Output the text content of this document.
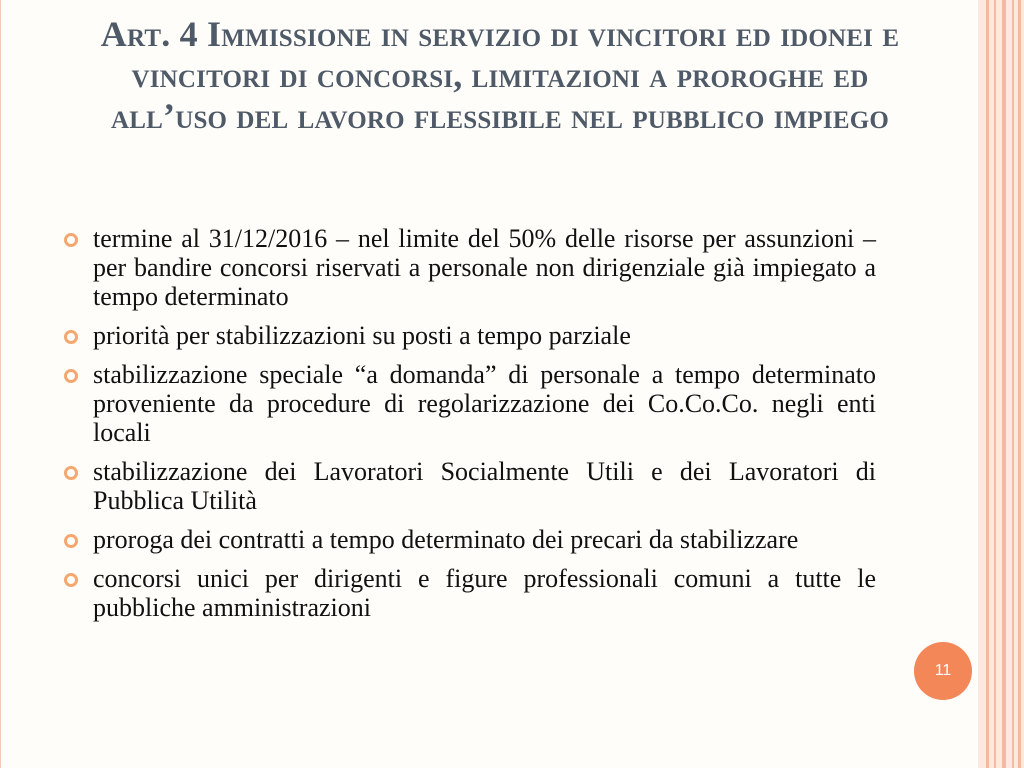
Art. 4 Immissione in servizio di vincitori ed idonei e vincitori di concorsi, limitazioni a proroghe ed all’uso del lavoro flessibile nel pubblico impiego
termine al 31/12/2016 – nel limite del 50% delle risorse per assunzioni – per bandire concorsi riservati a personale non dirigenziale già impiegato a tempo determinato
priorità per stabilizzazioni su posti a tempo parziale
stabilizzazione speciale “a domanda” di personale a tempo determinato proveniente da procedure di regolarizzazione dei Co.Co.Co. negli enti locali
stabilizzazione dei Lavoratori Socialmente Utili e dei Lavoratori di Pubblica Utilità
proroga dei contratti a tempo determinato dei precari da stabilizzare
concorsi unici per dirigenti e figure professionali comuni a tutte le pubbliche amministrazioni
11
